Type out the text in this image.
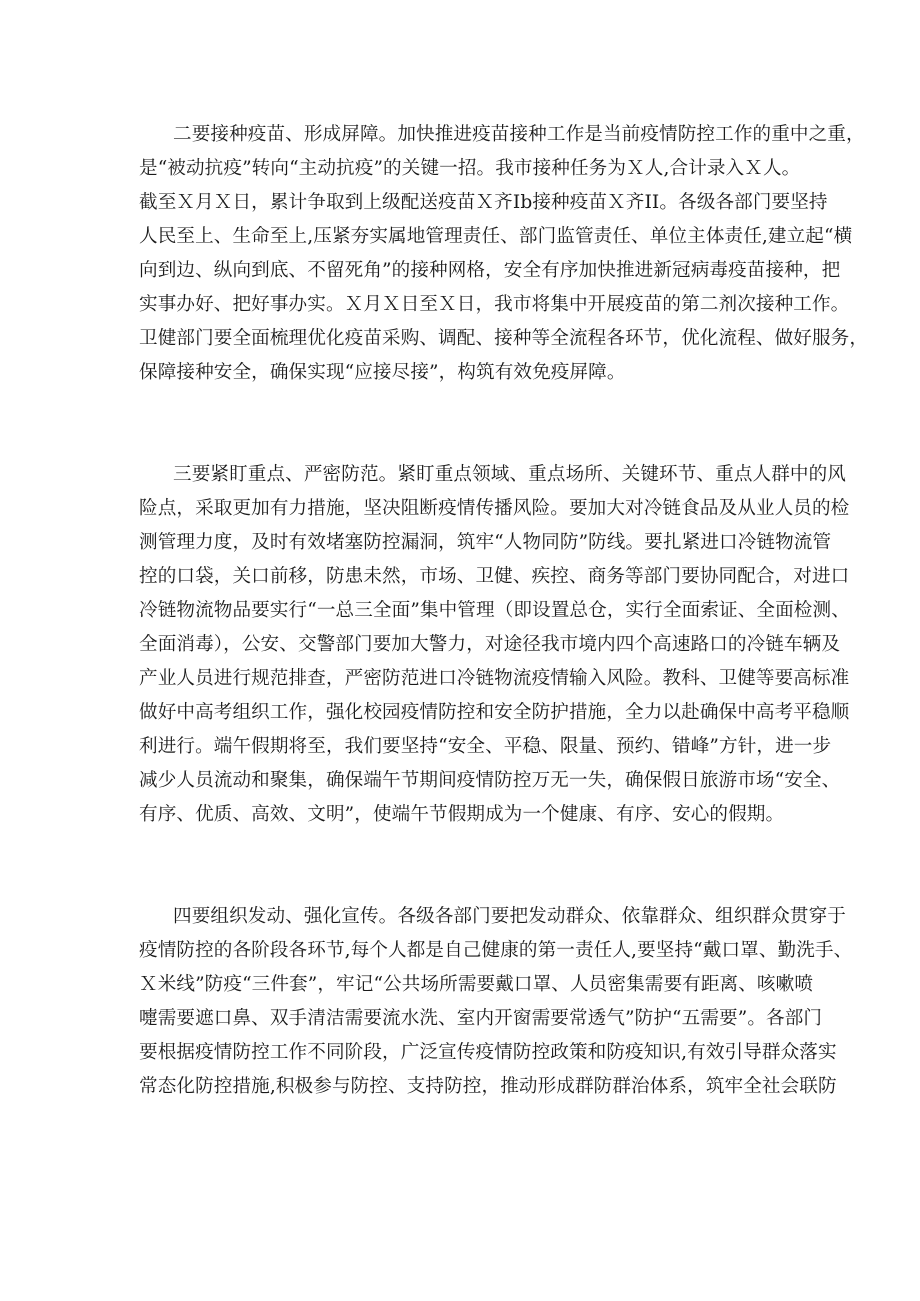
二要接种疫苗、形成屏障。加快推进疫苗接种工作是当前疫情防控工作的重中之重，
是“被动抗疫”转向“主动抗疫”的关键一招。我市接种任务为Ｘ人,合计录入Ｘ人。
截至Ｘ月Ｘ日，累计争取到上级配送疫苗Ｘ齐Ib接种疫苗Ｘ齐II。各级各部门要坚持
人民至上、生命至上,压紧夯实属地管理责任、部门监管责任、单位主体责任,建立起“横
向到边、纵向到底、不留死角”的接种网格，安全有序加快推进新冠病毒疫苗接种，把
实事办好、把好事办实。Ｘ月Ｘ日至Ｘ日，我市将集中开展疫苗的第二剂次接种工作。
卫健部门要全面梳理优化疫苗采购、调配、接种等全流程各环节，优化流程、做好服务，
保障接种安全，确保实现“应接尽接”，构筑有效免疫屏障。
三要紧盯重点、严密防范。紧盯重点领域、重点场所、关键环节、重点人群中的风
险点，采取更加有力措施，坚决阻断疫情传播风险。要加大对冷链食品及从业人员的检
测管理力度，及时有效堵塞防控漏洞，筑牢“人物同防”防线。要扎紧进口冷链物流管
控的口袋，关口前移，防患未然，市场、卫健、疾控、商务等部门要协同配合，对进口
冷链物流物品要实行“一总三全面”集中管理（即设置总仓，实行全面索证、全面检测、
全面消毒），公安、交警部门要加大警力，对途径我市境内四个高速路口的冷链车辆及
产业人员进行规范排查，严密防范进口冷链物流疫情输入风险。教科、卫健等要高标准
做好中高考组织工作，强化校园疫情防控和安全防护措施，全力以赴确保中高考平稳顺
利进行。端午假期将至，我们要坚持“安全、平稳、限量、预约、错峰”方针，进一步
减少人员流动和聚集，确保端午节期间疫情防控万无一失，确保假日旅游市场“安全、
有序、优质、高效、文明”，使端午节假期成为一个健康、有序、安心的假期。
四要组织发动、强化宣传。各级各部门要把发动群众、依靠群众、组织群众贯穿于
疫情防控的各阶段各环节,每个人都是自己健康的第一责任人,要坚持“戴口罩、勤洗手、
Ｘ米线”防疫“三件套”，牢记“公共场所需要戴口罩、人员密集需要有距离、咳嗽喷
嚏需要遮口鼻、双手清洁需要流水洗、室内开窗需要常透气”防护“五需要”。各部门
要根据疫情防控工作不同阶段，广泛宣传疫情防控政策和防疫知识,有效引导群众落实
常态化防控措施,积极参与防控、支持防控，推动形成群防群治体系，筑牢全社会联防
